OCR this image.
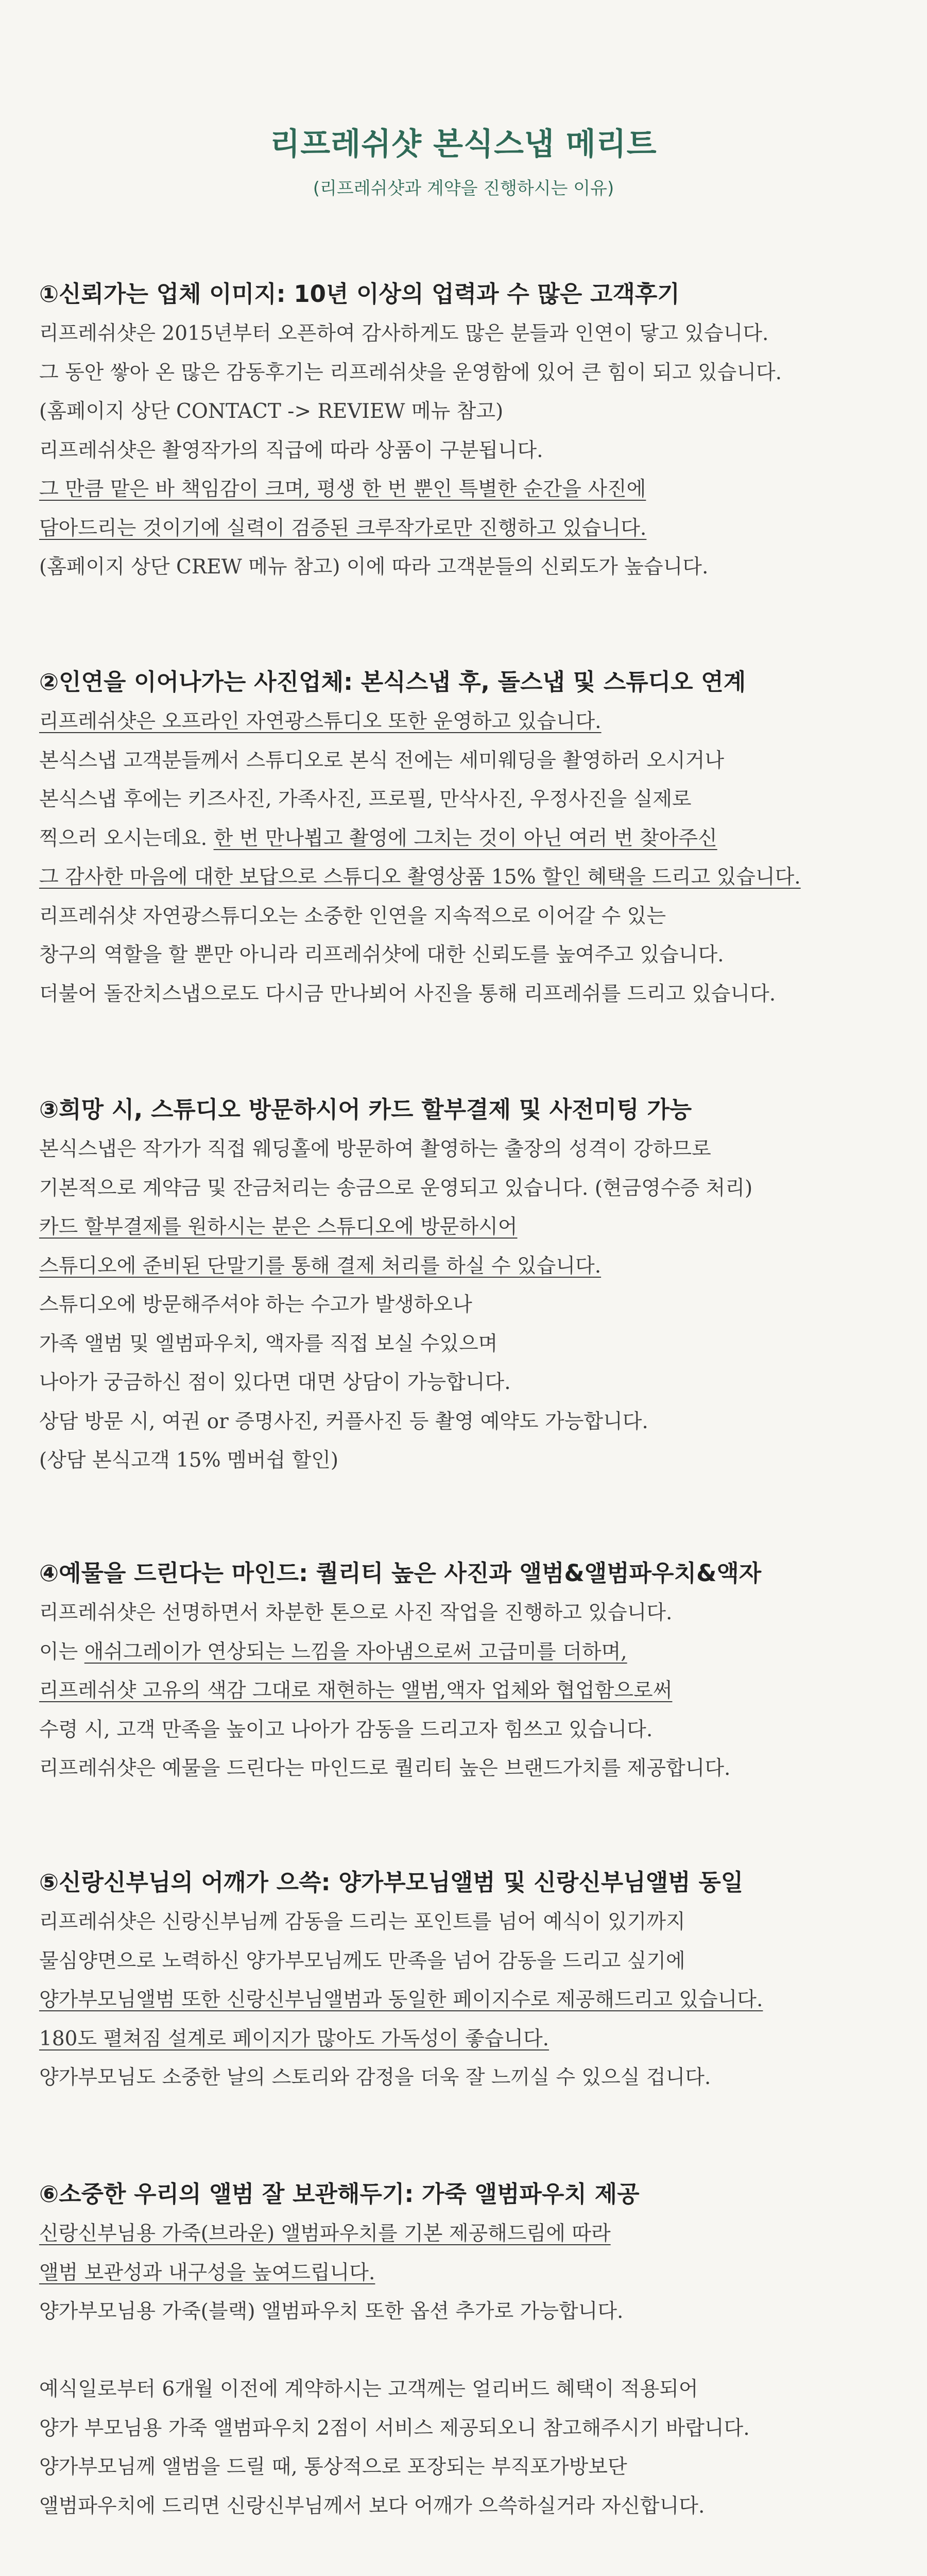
리프레쉬샷 본식스냅 메리트
(리프레쉬샷과 계약을 진행하시는 이유)
①신뢰가는 업체 이미지: 10년 이상의 업력과 수 많은 고객후기
리프레쉬샷은 2015년부터 오픈하여 감사하게도 많은 분들과 인연이 닿고 있습니다.
그 동안 쌓아 온 많은 감동후기는 리프레쉬샷을 운영함에 있어 큰 힘이 되고 있습니다.
(홈페이지 상단 CONTACT -> REVIEW 메뉴 참고)
리프레쉬샷은 촬영작가의 직급에 따라 상품이 구분됩니다.
그 만큼 맡은 바 책임감이 크며, 평생 한 번 뿐인 특별한 순간을 사진에
담아드리는 것이기에 실력이 검증된 크루작가로만 진행하고 있습니다.
(홈페이지 상단 CREW 메뉴 참고) 이에 따라 고객분들의 신뢰도가 높습니다.
②인연을 이어나가는 사진업체: 본식스냅 후, 돌스냅 및 스튜디오 연계
리프레쉬샷은 오프라인 자연광스튜디오 또한 운영하고 있습니다.
본식스냅 고객분들께서 스튜디오로 본식 전에는 세미웨딩을 촬영하러 오시거나
본식스냅 후에는 키즈사진, 가족사진, 프로필, 만삭사진, 우정사진을 실제로
찍으러 오시는데요. 한 번 만나뵙고 촬영에 그치는 것이 아닌 여러 번 찾아주신
그 감사한 마음에 대한 보답으로 스튜디오 촬영상품 15% 할인 혜택을 드리고 있습니다.
리프레쉬샷 자연광스튜디오는 소중한 인연을 지속적으로 이어갈 수 있는
창구의 역할을 할 뿐만 아니라 리프레쉬샷에 대한 신뢰도를 높여주고 있습니다.
더불어 돌잔치스냅으로도 다시금 만나뵈어 사진을 통해 리프레쉬를 드리고 있습니다.
③희망 시, 스튜디오 방문하시어 카드 할부결제 및 사전미팅 가능
본식스냅은 작가가 직접 웨딩홀에 방문하여 촬영하는 출장의 성격이 강하므로
기본적으로 계약금 및 잔금처리는 송금으로 운영되고 있습니다. (현금영수증 처리)
카드 할부결제를 원하시는 분은 스튜디오에 방문하시어
스튜디오에 준비된 단말기를 통해 결제 처리를 하실 수 있습니다.
스튜디오에 방문해주셔야 하는 수고가 발생하오나
가족 앨범 및 엘범파우치, 액자를 직접 보실 수있으며
나아가 궁금하신 점이 있다면 대면 상담이 가능합니다.
상담 방문 시, 여권 or 증명사진, 커플사진 등 촬영 예약도 가능합니다.
(상담 본식고객 15% 멤버쉽 할인)
④예물을 드린다는 마인드: 퀄리티 높은 사진과 앨범&앨범파우치&액자
리프레쉬샷은 선명하면서 차분한 톤으로 사진 작업을 진행하고 있습니다.
이는 애쉬그레이가 연상되는 느낌을 자아냄으로써 고급미를 더하며,
리프레쉬샷 고유의 색감 그대로 재현하는 앨범,액자 업체와 협업함으로써
수령 시, 고객 만족을 높이고 나아가 감동을 드리고자 힘쓰고 있습니다.
리프레쉬샷은 예물을 드린다는 마인드로 퀄리티 높은 브랜드가치를 제공합니다.
⑤신랑신부님의 어깨가 으쓱: 양가부모님앨범 및 신랑신부님앨범 동일
리프레쉬샷은 신랑신부님께 감동을 드리는 포인트를 넘어 예식이 있기까지
물심양면으로 노력하신 양가부모님께도 만족을 넘어 감동을 드리고 싶기에
양가부모님앨범 또한 신랑신부님앨범과 동일한 페이지수로 제공해드리고 있습니다.
180도 펼쳐짐 설계로 페이지가 많아도 가독성이 좋습니다.
양가부모님도 소중한 날의 스토리와 감정을 더욱 잘 느끼실 수 있으실 겁니다.
⑥소중한 우리의 앨범 잘 보관해두기: 가죽 앨범파우치 제공
신랑신부님용 가죽(브라운) 앨범파우치를 기본 제공해드림에 따라
앨범 보관성과 내구성을 높여드립니다.
양가부모님용 가죽(블랙) 앨범파우치 또한 옵션 추가로 가능합니다.

예식일로부터 6개월 이전에 계약하시는 고객께는 얼리버드 혜택이 적용되어
양가 부모님용 가죽 앨범파우치 2점이 서비스 제공되오니 참고해주시기 바랍니다.
양가부모님께 앨범을 드릴 때, 통상적으로 포장되는 부직포가방보단
앨범파우치에 드리면 신랑신부님께서 보다 어깨가 으쓱하실거라 자신합니다.
